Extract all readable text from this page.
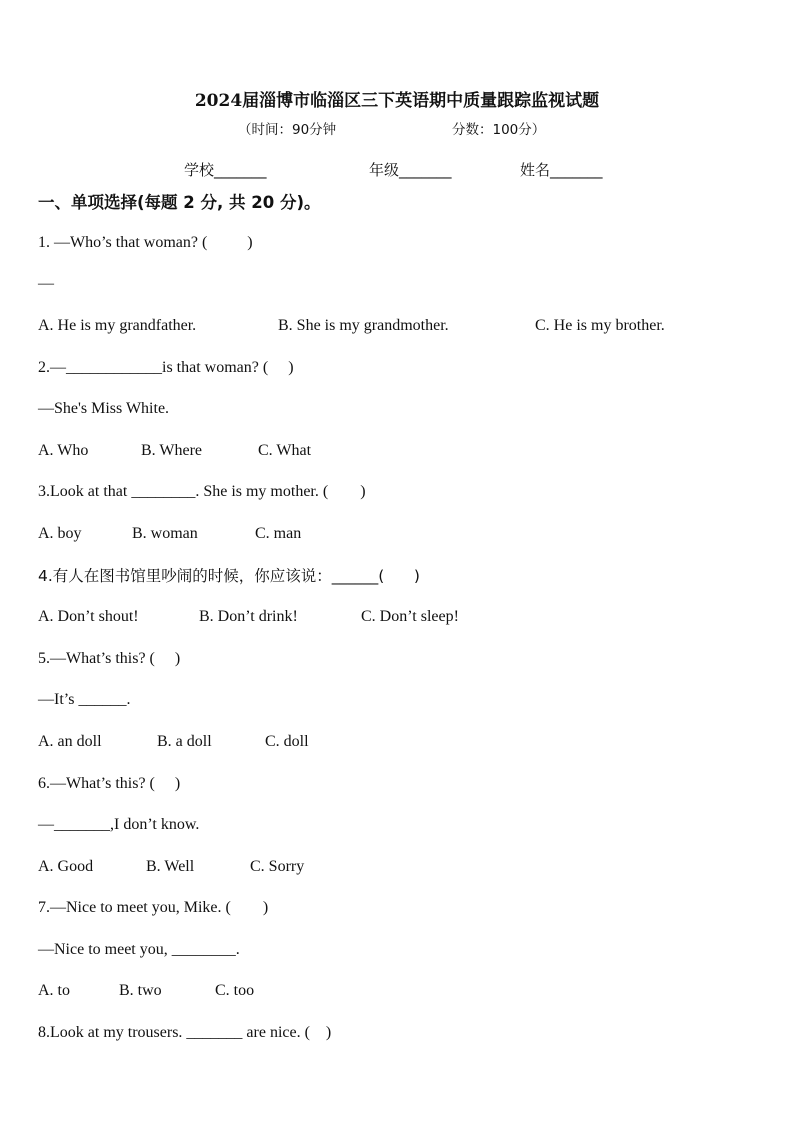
2024届淄博市临淄区三下英语期中质量跟踪监视试题
（时间：90分钟	分数：100分）
学校_______	年级_______	姓名_______
一、单项选择(每题 2 分, 共 20 分)。
1. —Who’s that woman? (          )
—
A. He is my grandfather.	B. She is my grandmother.	C. He is my brother.
2.—____________is that woman? (     )
—She's Miss White.
A. Who	B. Where	C. What
3.Look at that ________. She is my mother. (        )
A. boy	B. woman	C. man
4.有人在图书馆里吵闹的时候，你应该说：______(      )
A. Don’t shout!	B. Don’t drink!	C. Don’t sleep!
5.—What’s this? (     )
—It’s ______.
A. an doll	B. a doll	C. doll
6.—What’s this? (     )
—_______,I don’t know.
A. Good	B. Well	C. Sorry
7.—Nice to meet you, Mike. (        )
—Nice to meet you, ________.
A. to	B. two	C. too
8.Look at my trousers. _______ are nice. (    )
